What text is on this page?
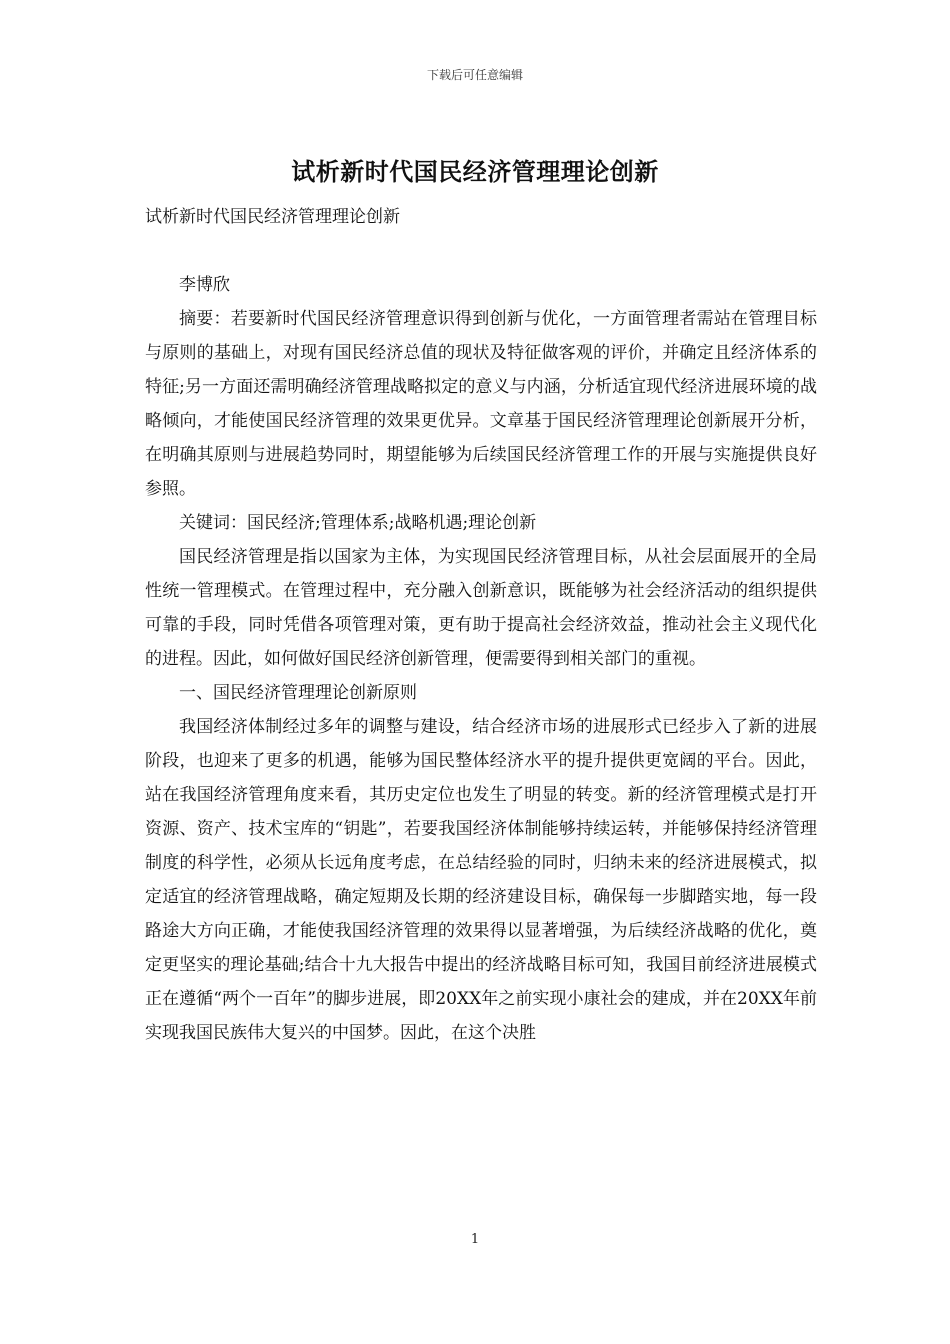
下载后可任意编辑
试析新时代国民经济管理理论创新

试析新时代国民经济管理理论创新

李博欣

摘要：若要新时代国民经济管理意识得到创新与优化，一方面管理者需站在管理目标与原则的基础上，对现有国民经济总值的现状及特征做客观的评价，并确定且经济体系的特征;另一方面还需明确经济管理战略拟定的意义与内涵，分析适宜现代经济进展环境的战略倾向，才能使国民经济管理的效果更优异。文章基于国民经济管理理论创新展开分析，在明确其原则与进展趋势同时，期望能够为后续国民经济管理工作的开展与实施提供良好参照。

关键词：国民经济;管理体系;战略机遇;理论创新

国民经济管理是指以国家为主体，为实现国民经济管理目标，从社会层面展开的全局性统一管理模式。在管理过程中，充分融入创新意识，既能够为社会经济活动的组织提供可靠的手段，同时凭借各项管理对策，更有助于提高社会经济效益，推动社会主义现代化的进程。因此，如何做好国民经济创新管理，便需要得到相关部门的重视。

一、国民经济管理理论创新原则

我国经济体制经过多年的调整与建设，结合经济市场的进展形式已经步入了新的进展阶段，也迎来了更多的机遇，能够为国民整体经济水平的提升提供更宽阔的平台。因此，站在我国经济管理角度来看，其历史定位也发生了明显的转变。新的经济管理模式是打开资源、资产、技术宝库的“钥匙”，若要我国经济体制能够持续运转，并能够保持经济管理制度的科学性，必须从长远角度考虑，在总结经验的同时，归纳未来的经济进展模式，拟定适宜的经济管理战略，确定短期及长期的经济建设目标，确保每一步脚踏实地，每一段路途大方向正确，才能使我国经济管理的效果得以显著增强，为后续经济战略的优化，奠定更坚实的理论基础;结合十九大报告中提出的经济战略目标可知，我国目前经济进展模式正在遵循“两个一百年”的脚步进展，即20XX年之前实现小康社会的建成，并在20XX年前实现我国民族伟大复兴的中国梦。因此，在这个决胜

1
